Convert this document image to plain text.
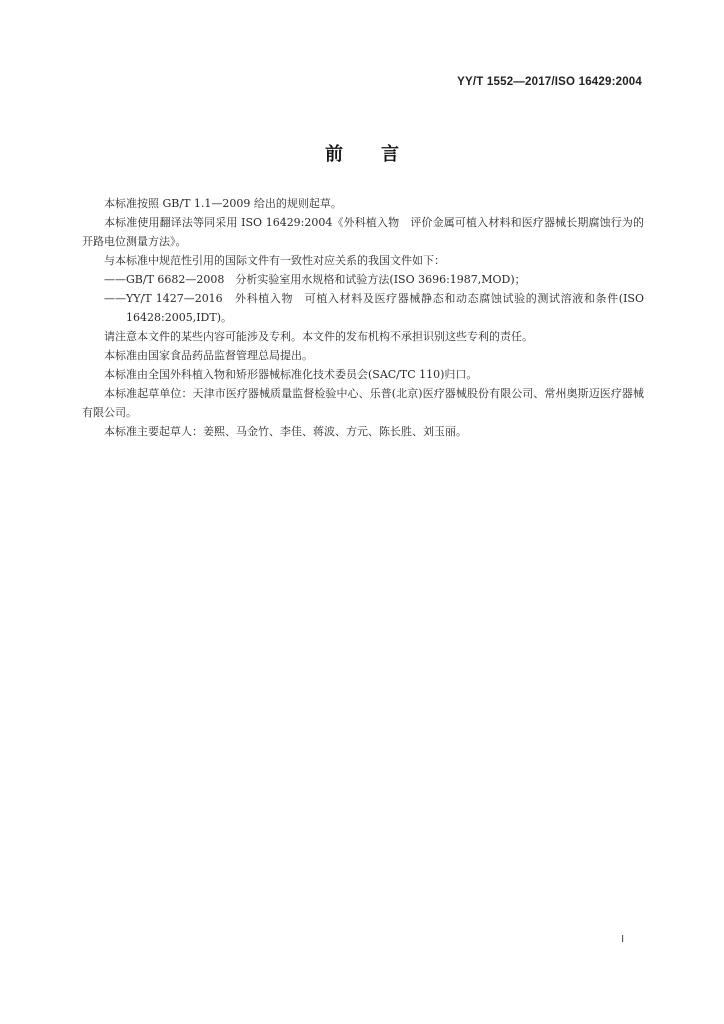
YY/T 1552—2017/ISO 16429:2004
前言

本标准按照 GB/T 1.1—2009 给出的规则起草。

本标准使用翻译法等同采用 ISO 16429:2004《外科植入物　评价金属可植入材料和医疗器械长期腐蚀行为的开路电位测量方法》。

与本标准中规范性引用的国际文件有一致性对应关系的我国文件如下：

—— GB/T 6682—2008　分析实验室用水规格和试验方法(ISO 3696:1987,MOD)；

—— YY/T 1427—2016　外科植入物　可植入材料及医疗器械静态和动态腐蚀试验的测试溶液和条件(ISO 16428:2005,IDT)。

请注意本文件的某些内容可能涉及专利。本文件的发布机构不承担识别这些专利的责任。

本标准由国家食品药品监督管理总局提出。

本标准由全国外科植入物和矫形器械标准化技术委员会(SAC/TC 110)归口。

本标准起草单位：天津市医疗器械质量监督检验中心、乐普(北京)医疗器械股份有限公司、常州奥斯迈医疗器械有限公司。

本标准主要起草人：姜熙、马金竹、李佳、蒋波、方元、陈长胜、刘玉丽。

I
